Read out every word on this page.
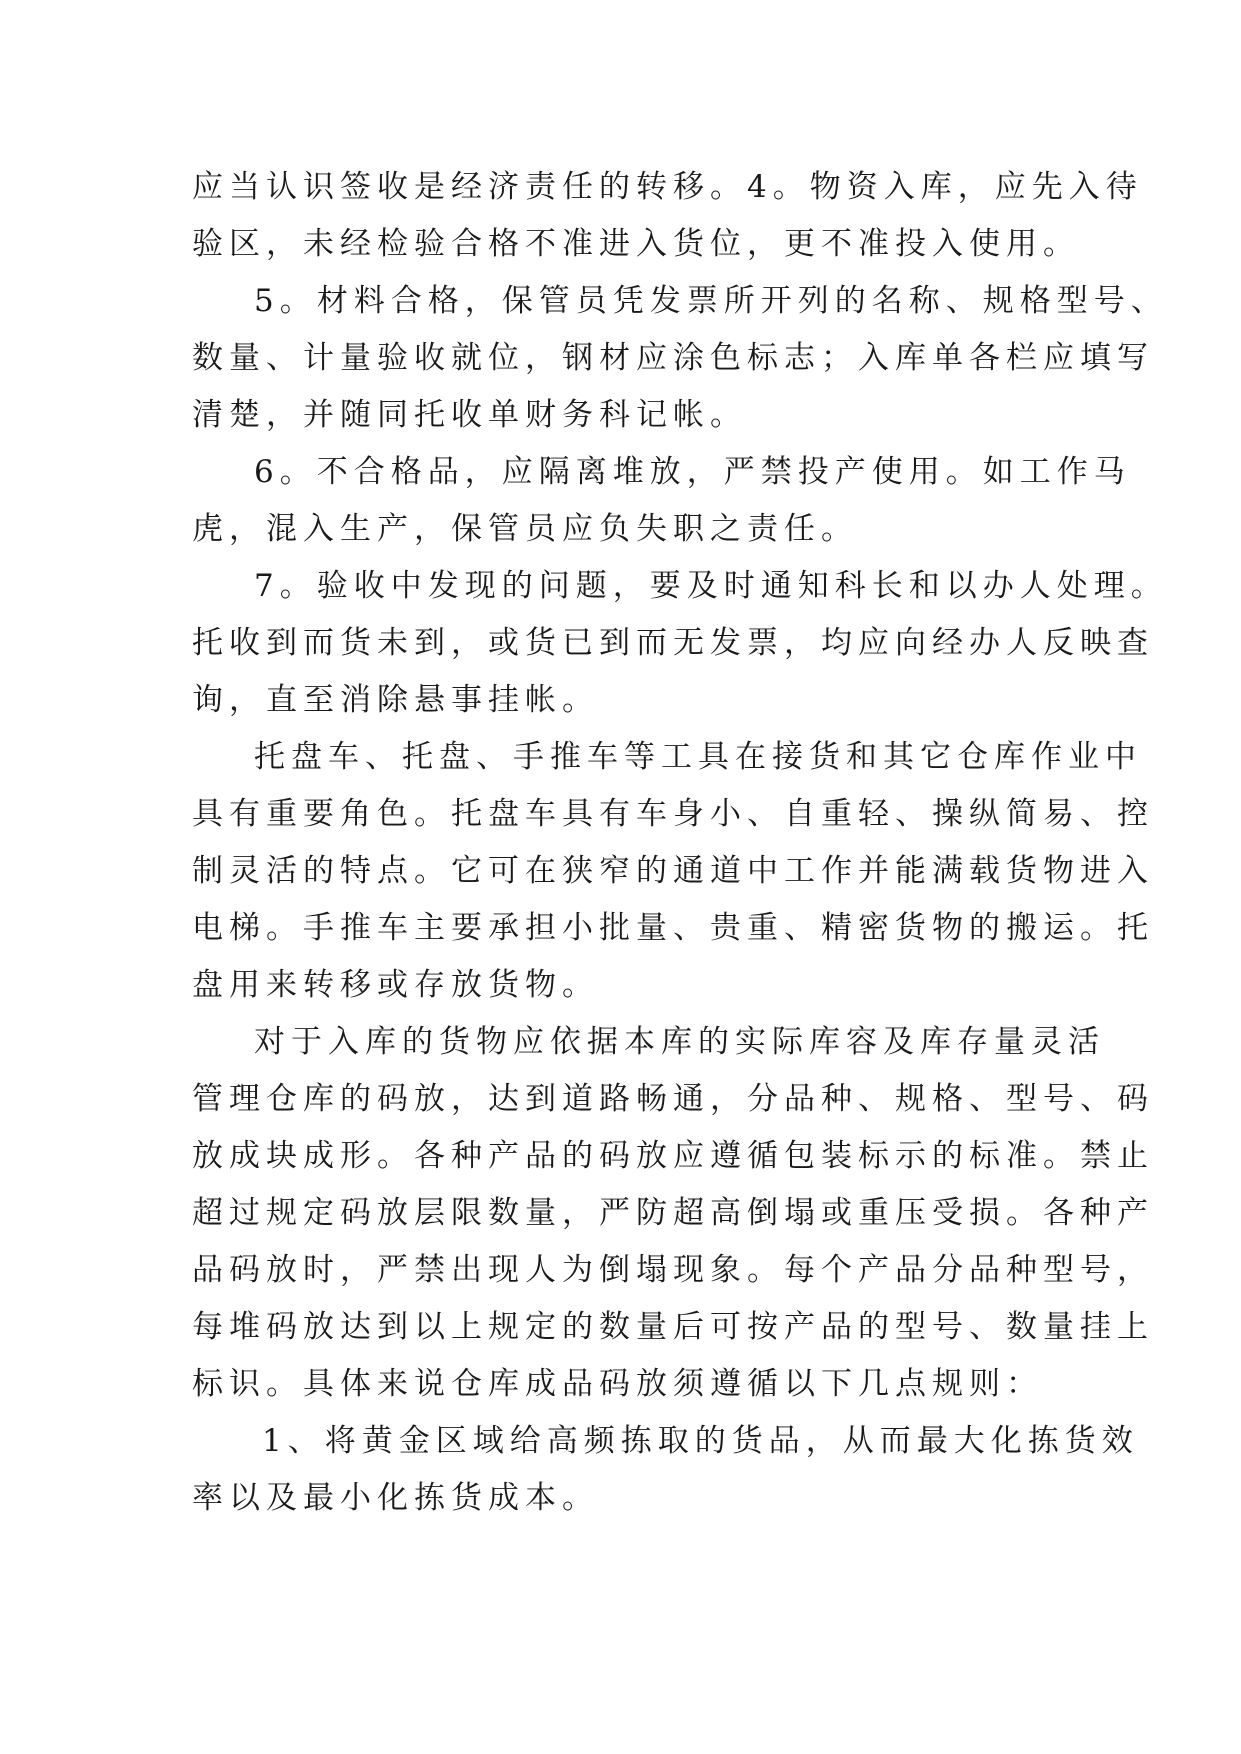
应当认识签收是经济责任的转移。4。物资入库，应先入待
验区，未经检验合格不准进入货位，更不准投入使用。
5。材料合格，保管员凭发票所开列的名称、规格型号、
数量、计量验收就位，钢材应涂色标志；入库单各栏应填写
清楚，并随同托收单财务科记帐。
6。不合格品，应隔离堆放，严禁投产使用。如工作马
虎，混入生产，保管员应负失职之责任。
7。验收中发现的问题，要及时通知科长和以办人处理。
托收到而货未到，或货已到而无发票，均应向经办人反映查
询，直至消除悬事挂帐。
托盘车、托盘、手推车等工具在接货和其它仓库作业中
具有重要角色。托盘车具有车身小、自重轻、操纵简易、控
制灵活的特点。它可在狭窄的通道中工作并能满载货物进入
电梯。手推车主要承担小批量、贵重、精密货物的搬运。托
盘用来转移或存放货物。
对于入库的货物应依据本库的实际库容及库存量灵活
管理仓库的码放，达到道路畅通，分品种、规格、型号、码
放成块成形。各种产品的码放应遵循包装标示的标准。禁止
超过规定码放层限数量，严防超高倒塌或重压受损。各种产
品码放时，严禁出现人为倒塌现象。每个产品分品种型号，
每堆码放达到以上规定的数量后可按产品的型号、数量挂上
标识。具体来说仓库成品码放须遵循以下几点规则：
1、将黄金区域给高频拣取的货品，从而最大化拣货效
率以及最小化拣货成本。
